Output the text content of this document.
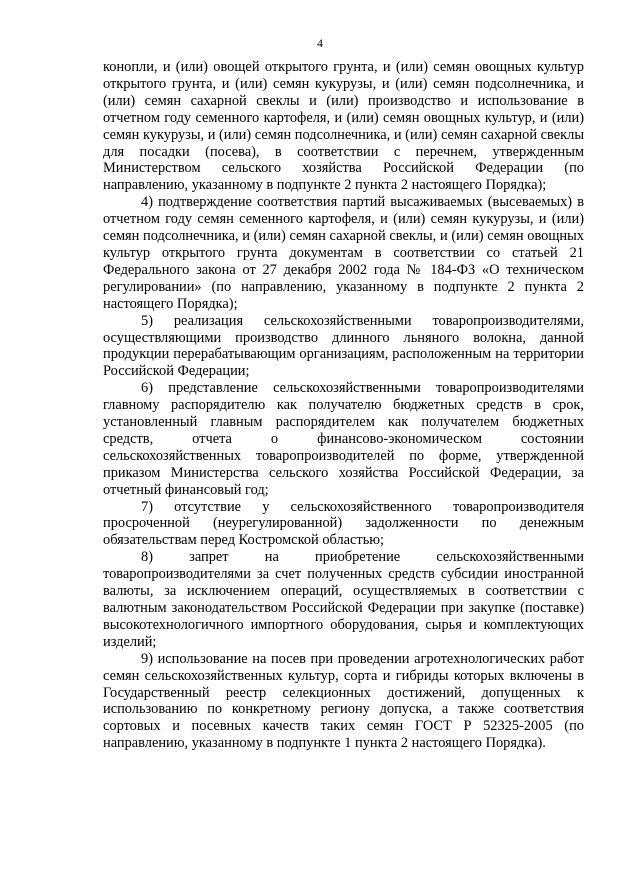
4

конопли, и (или) овощей открытого грунта, и (или) семян овощных культур открытого грунта, и (или) семян кукурузы, и (или) семян подсолнечника, и (или) семян сахарной свеклы и (или) производство и использование в отчетном году семенного картофеля, и (или) семян овощных культур, и (или) семян кукурузы, и (или) семян подсолнечника, и (или) семян сахарной свеклы для посадки (посева), в соответствии с перечнем, утвержденным Министерством сельского хозяйства Российской Федерации (по направлению, указанному в подпункте 2 пункта 2 настоящего Порядка);

4) подтверждение соответствия партий высаживаемых (высеваемых) в отчетном году семян семенного картофеля, и (или) семян кукурузы, и (или) семян подсолнечника, и (или) семян сахарной свеклы, и (или) семян овощных культур открытого грунта документам в соответствии со статьей 21 Федерального закона от 27 декабря 2002 года № 184-ФЗ «О техническом регулировании» (по направлению, указанному в подпункте 2 пункта 2 настоящего Порядка);

5) реализация сельскохозяйственными товаропроизводителями, осуществляющими производство длинного льняного волокна, данной продукции перерабатывающим организациям, расположенным на территории Российской Федерации;

6) представление сельскохозяйственными товаропроизводителями главному распорядителю как получателю бюджетных средств в срок, установленный главным распорядителем как получателем бюджетных средств, отчета о финансово-экономическом состоянии сельскохозяйственных товаропроизводителей по форме, утвержденной приказом Министерства сельского хозяйства Российской Федерации, за отчетный финансовый год;

7) отсутствие у сельскохозяйственного товаропроизводителя просроченной (неурегулированной) задолженности по денежным обязательствам перед Костромской областью;

8) запрет на приобретение сельскохозяйственными товаропроизводителями за счет полученных средств субсидии иностранной валюты, за исключением операций, осуществляемых в соответствии с валютным законодательством Российской Федерации при закупке (поставке) высокотехнологичного импортного оборудования, сырья и комплектующих изделий;

9) использование на посев при проведении агротехнологических работ семян сельскохозяйственных культур, сорта и гибриды которых включены в Государственный реестр селекционных достижений, допущенных к использованию по конкретному региону допуска, а также соответствия сортовых и посевных качеств таких семян ГОСТ Р 52325-2005 (по направлению, указанному в подпункте 1 пункта 2 настоящего Порядка).
